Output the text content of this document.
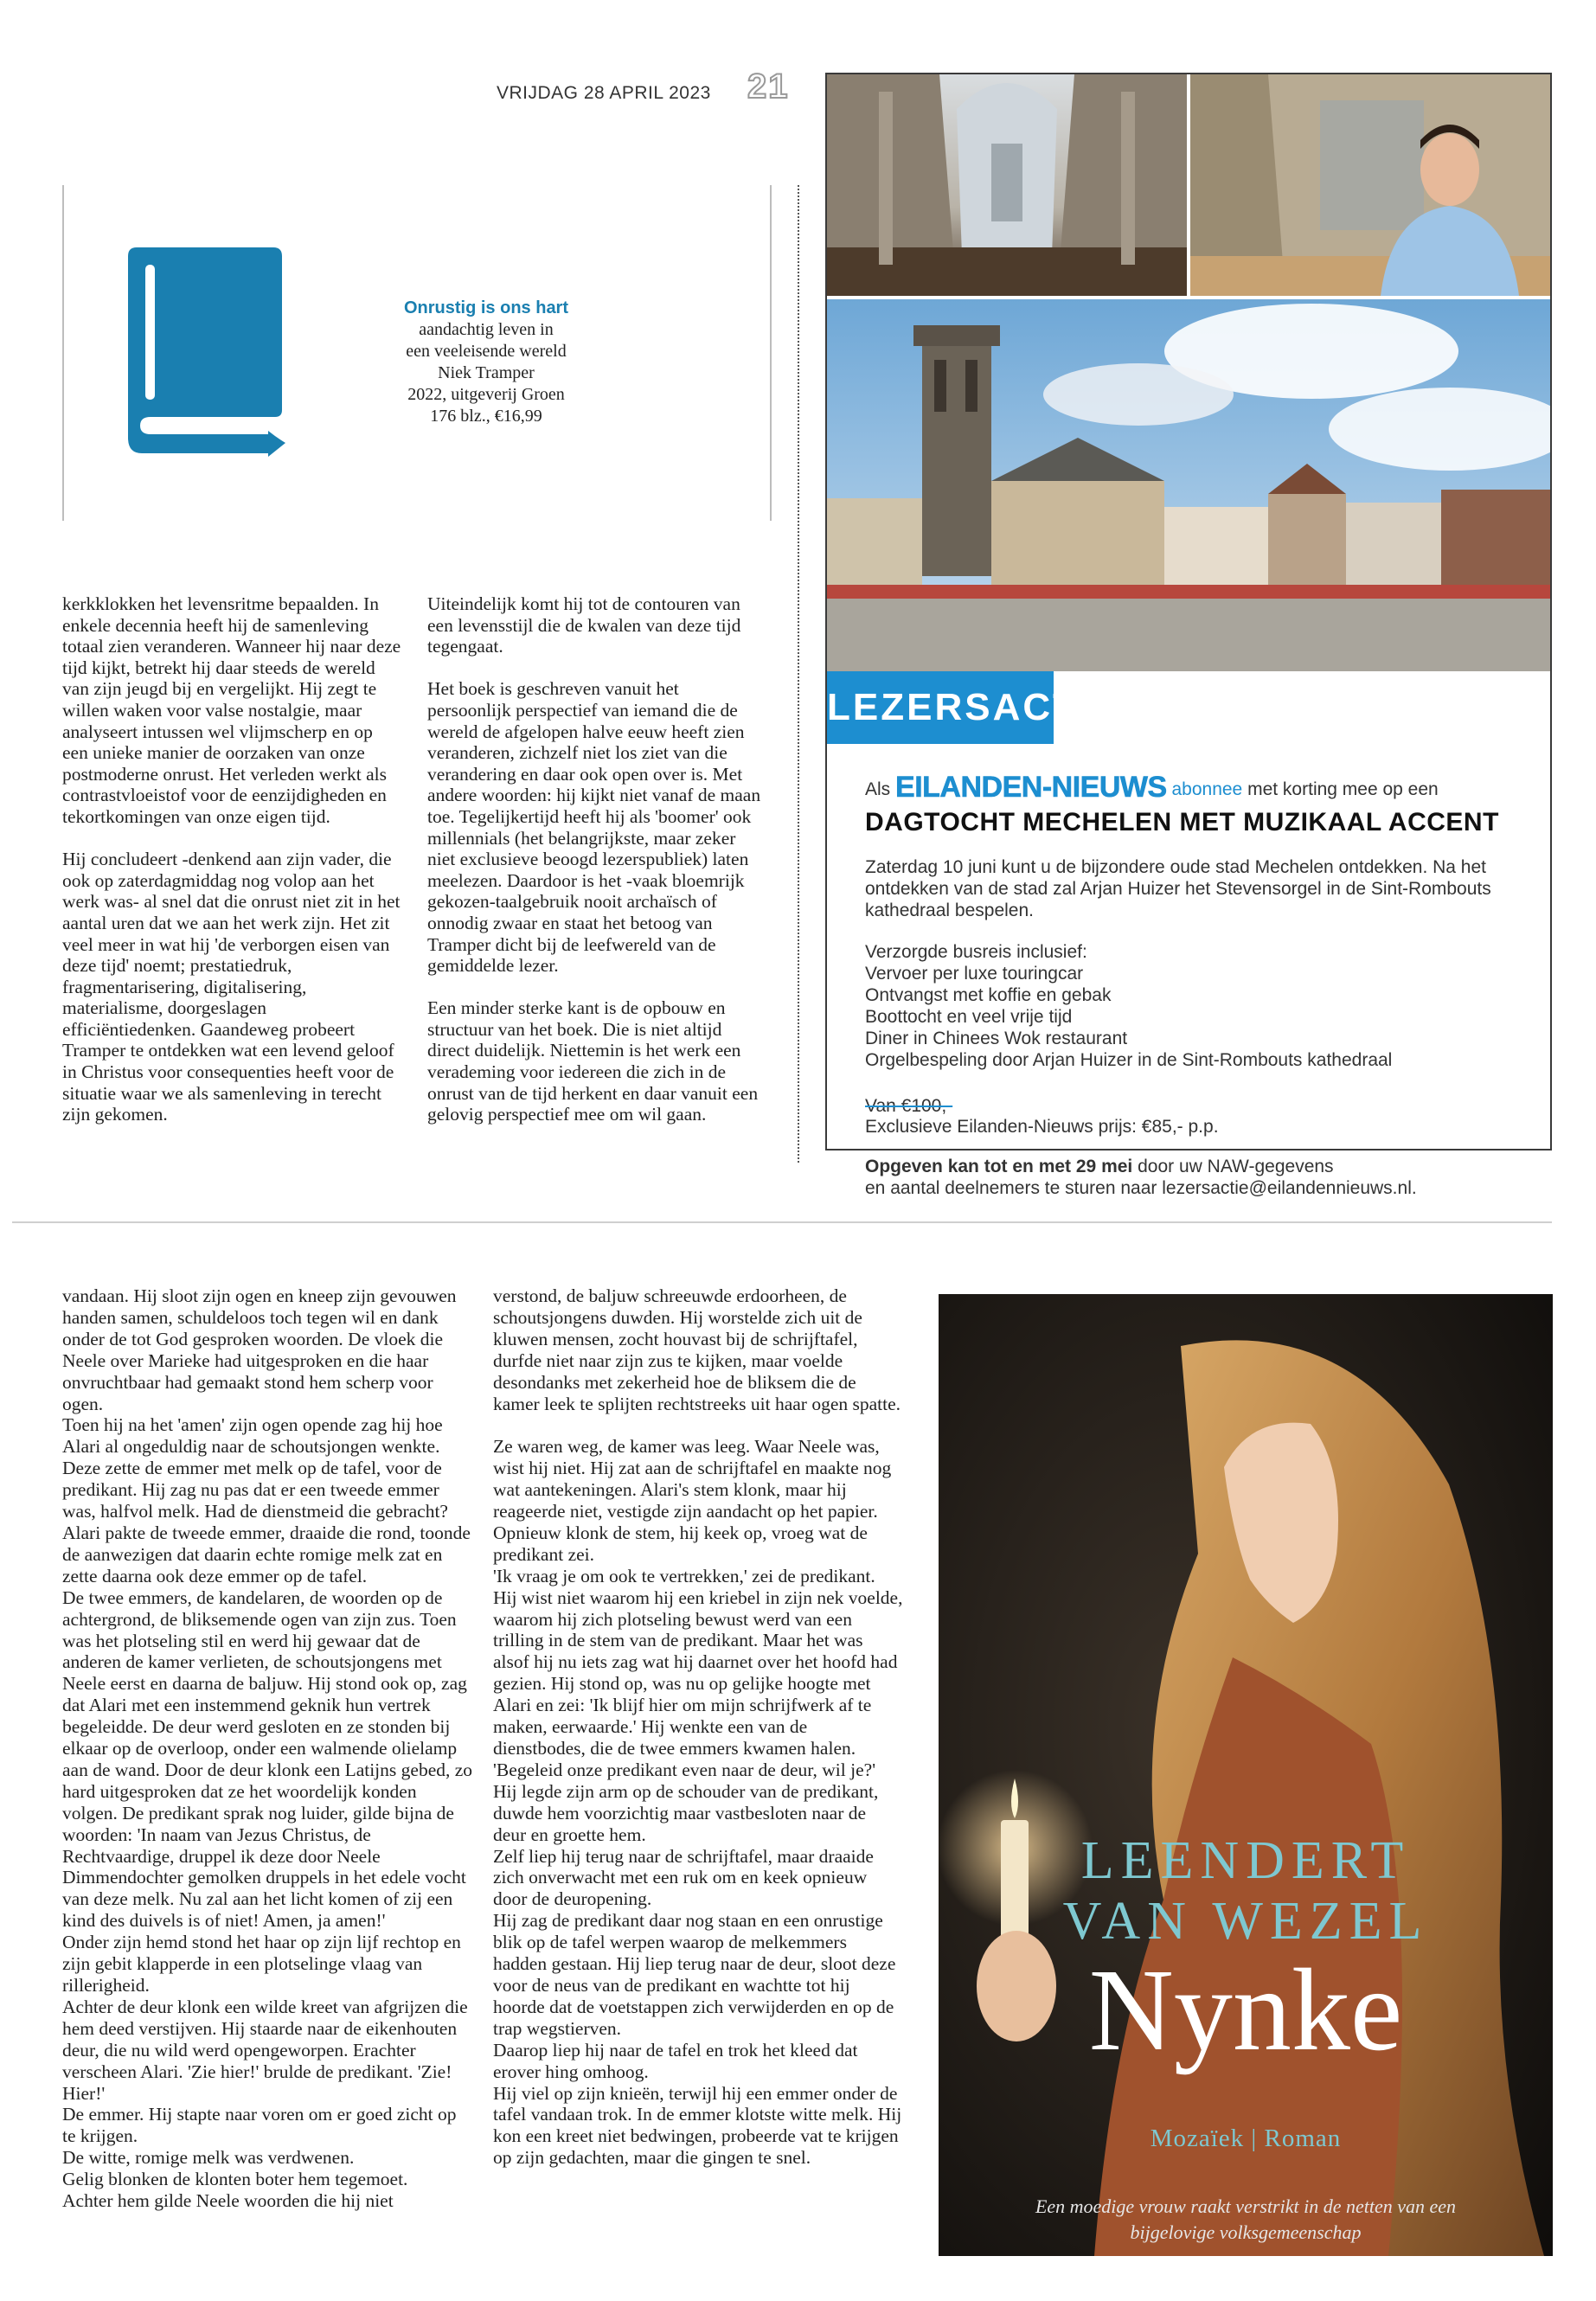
VRIJDAG 28 APRIL 2023 21
Onrustig is ons hart
aandachtig leven in
een veeleisende wereld
Niek Tramper
2022, uitgeverij Groen
176 blz., €16,99

kerkklokken het levensritme bepaalden. In enkele decennia heeft hij de samenleving totaal zien veranderen. Wanneer hij naar deze tijd kijkt, betrekt hij daar steeds de wereld van zijn jeugd bij en vergelijkt. Hij zegt te willen waken voor valse nostalgie, maar analyseert intussen wel vlijmscherp en op een unieke manier de oorzaken van onze postmoderne onrust. Het verleden werkt als contrastvloeistof voor de eenzijdigheden en tekortkomingen van onze eigen tijd.

Hij concludeert -denkend aan zijn vader, die ook op zaterdagmiddag nog volop aan het werk was- al snel dat die onrust niet zit in het aantal uren dat we aan het werk zijn. Het zit veel meer in wat hij 'de verborgen eisen van deze tijd' noemt; prestatiedruk, fragmentarisering, digitalisering, materialisme, doorgeslagen efficiëntiedenken. Gaandeweg probeert Tramper te ontdekken wat een levend geloof in Christus voor consequenties heeft voor de situatie waar we als samenleving in terecht zijn gekomen.

Uiteindelijk komt hij tot de contouren van een levensstijl die de kwalen van deze tijd tegengaat.

Het boek is geschreven vanuit het persoonlijk perspectief van iemand die de wereld de afgelopen halve eeuw heeft zien veranderen, zichzelf niet los ziet van die verandering en daar ook open over is. Met andere woorden: hij kijkt niet vanaf de maan toe. Tegelijkertijd heeft hij als 'boomer' ook millennials (het belangrijkste, maar zeker niet exclusieve beoogd lezerspubliek) laten meelezen. Daardoor is het -vaak bloemrijk gekozen-taalgebruik nooit archaïsch of onnodig zwaar en staat het betoog van Tramper dicht bij de leefwereld van de gemiddelde lezer.

Een minder sterke kant is de opbouw en structuur van het boek. Die is niet altijd direct duidelijk. Niettemin is het werk een verademing voor iedereen die zich in de onrust van de tijd herkent en daar vanuit een gelovig perspectief mee om wil gaan.

LEZERSACTIE
Als EILANDEN-NIEUWS abonnee met korting mee op een
DAGTOCHT MECHELEN MET MUZIKAAL ACCENT
Zaterdag 10 juni kunt u de bijzondere oude stad Mechelen ontdekken. Na het ontdekken van de stad zal Arjan Huizer het Stevensorgel in de Sint-Rombouts kathedraal bespelen.
Verzorgde busreis inclusief:
Vervoer per luxe touringcar
Ontvangst met koffie en gebak
Boottocht en veel vrije tijd
Diner in Chinees Wok restaurant
Orgelbespeling door Arjan Huizer in de Sint-Rombouts kathedraal
Van €100,-
Exclusieve Eilanden-Nieuws prijs: €85,- p.p.
Opgeven kan tot en met 29 mei door uw NAW-gegevens
en aantal deelnemers te sturen naar lezersactie@eilandennieuws.nl.

vandaan. Hij sloot zijn ogen en kneep zijn gevouwen handen samen, schuldeloos toch tegen wil en dank onder de tot God gesproken woorden. De vloek die Neele over Marieke had uitgesproken en die haar onvruchtbaar had gemaakt stond hem scherp voor ogen.

Toen hij na het 'amen' zijn ogen opende zag hij hoe Alari al ongeduldig naar de schoutsjongen wenkte. Deze zette de emmer met melk op de tafel, voor de predikant. Hij zag nu pas dat er een tweede emmer was, halfvol melk. Had de dienstmeid die gebracht?

Alari pakte de tweede emmer, draaide die rond, toonde de aanwezigen dat daarin echte romige melk zat en zette daarna ook deze emmer op de tafel.

De twee emmers, de kandelaren, de woorden op de achtergrond, de bliksemende ogen van zijn zus. Toen was het plotseling stil en werd hij gewaar dat de anderen de kamer verlieten, de schoutsjongens met Neele eerst en daarna de baljuw. Hij stond ook op, zag dat Alari met een instemmend geknik hun vertrek begeleidde. De deur werd gesloten en ze stonden bij elkaar op de overloop, onder een walmende olielamp aan de wand. Door de deur klonk een Latijns gebed, zo hard uitgesproken dat ze het woordelijk konden volgen. De predikant sprak nog luider, gilde bijna de woorden: 'In naam van Jezus Christus, de Rechtvaardige, druppel ik deze door Neele Dimmendochter gemolken druppels in het edele vocht van deze melk. Nu zal aan het licht komen of zij een kind des duivels is of niet! Amen, ja amen!'

Onder zijn hemd stond het haar op zijn lijf rechtop en zijn gebit klapperde in een plotselinge vlaag van rillerigheid.

Achter de deur klonk een wilde kreet van afgrijzen die hem deed verstijven. Hij staarde naar de eikenhouten deur, die nu wild werd opengeworpen. Erachter verscheen Alari. 'Zie hier!' brulde de predikant. 'Zie! Hier!'

De emmer. Hij stapte naar voren om er goed zicht op te krijgen.

De witte, romige melk was verdwenen.

Gelig blonken de klonten boter hem tegemoet.

Achter hem gilde Neele woorden die hij niet

verstond, de baljuw schreeuwde erdoorheen, de schoutsjongens duwden. Hij worstelde zich uit de kluwen mensen, zocht houvast bij de schrijftafel, durfde niet naar zijn zus te kijken, maar voelde desondanks met zekerheid hoe de bliksem die de kamer leek te splijten rechtstreeks uit haar ogen spatte.

Ze waren weg, de kamer was leeg. Waar Neele was, wist hij niet. Hij zat aan de schrijftafel en maakte nog wat aantekeningen. Alari's stem klonk, maar hij reageerde niet, vestigde zijn aandacht op het papier. Opnieuw klonk de stem, hij keek op, vroeg wat de predikant zei.

'Ik vraag je om ook te vertrekken,' zei de predikant. Hij wist niet waarom hij een kriebel in zijn nek voelde, waarom hij zich plotseling bewust werd van een trilling in de stem van de predikant. Maar het was alsof hij nu iets zag wat hij daarnet over het hoofd had gezien. Hij stond op, was nu op gelijke hoogte met Alari en zei: 'Ik blijf hier om mijn schrijfwerk af te maken, eerwaarde.' Hij wenkte een van de dienstbodes, die de twee emmers kwamen halen. 'Begeleid onze predikant even naar de deur, wil je?' Hij legde zijn arm op de schouder van de predikant, duwde hem voorzichtig maar vastbesloten naar de deur en groette hem.

Zelf liep hij terug naar de schrijftafel, maar draaide zich onverwacht met een ruk om en keek opnieuw door de deuropening.

Hij zag de predikant daar nog staan en een onrustige blik op de tafel werpen waarop de melkemmers hadden gestaan. Hij liep terug naar de deur, sloot deze voor de neus van de predikant en wachtte tot hij hoorde dat de voetstappen zich verwijderden en op de trap wegstierven.

Daarop liep hij naar de tafel en trok het kleed dat erover hing omhoog.

Hij viel op zijn knieën, terwijl hij een emmer onder de tafel vandaan trok. In de emmer klotste witte melk. Hij kon een kreet niet bedwingen, probeerde vat te krijgen op zijn gedachten, maar die gingen te snel.

LEENDERT
VAN WEZEL
Nynke
Mozaïek | Roman
Een moedige vrouw raakt verstrikt in de netten van een bijgelovige volksgemeenschap
